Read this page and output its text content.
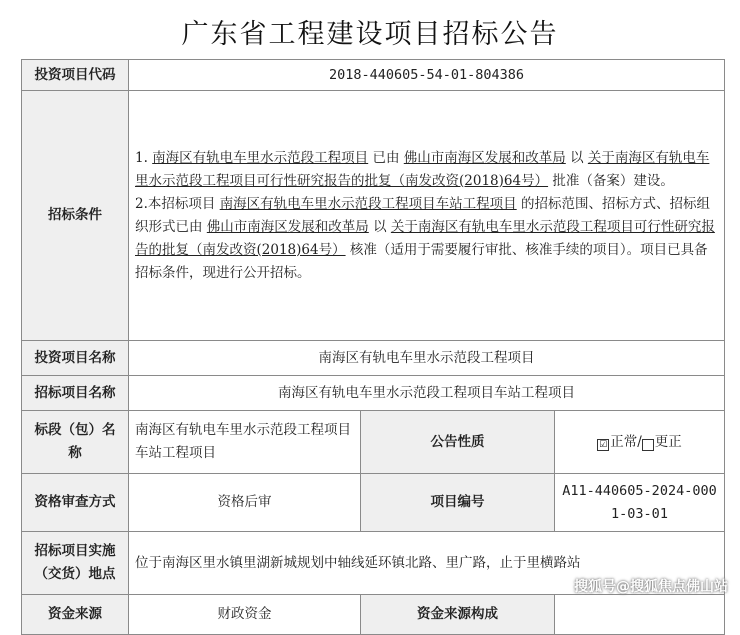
广东省工程建设项目招标公告
投资项目代码	2018-440605-54-01-804386		
招标条件	1. 南海区有轨电车里水示范段工程项目 已由 佛山市南海区发展和改革局 以 关于南海区有轨电车里水示范段工程项目可行性研究报告的批复（南发改资(2018)64号） 批准（备案）建设。
2.本招标项目 南海区有轨电车里水示范段工程项目车站工程项目 的招标范围、招标方式、招标组织形式已由 佛山市南海区发展和改革局 以 关于南海区有轨电车里水示范段工程项目可行性研究报告的批复（南发改资(2018)64号） 核准（适用于需要履行审批、核准手续的项目）。项目已具备招标条件，现进行公开招标。		

投资项目名称	南海区有轨电车里水示范段工程项目		
招标项目名称	南海区有轨电车里水示范段工程项目车站工程项目		
标段（包）名称	南海区有轨电车里水示范段工程项目车站工程项目	公告性质	☑ 正常/ 更正
资格审查方式	资格后审	项目编号	A11-440605-2024-0001-03-01
招标项目实施（交货）地点	位于南海区里水镇里湖新城规划中轴线延环镇北路、里广路，止于里横路站		
资金来源	财政资金	资金来源构成	
搜狐号@搜狐焦点佛山站
